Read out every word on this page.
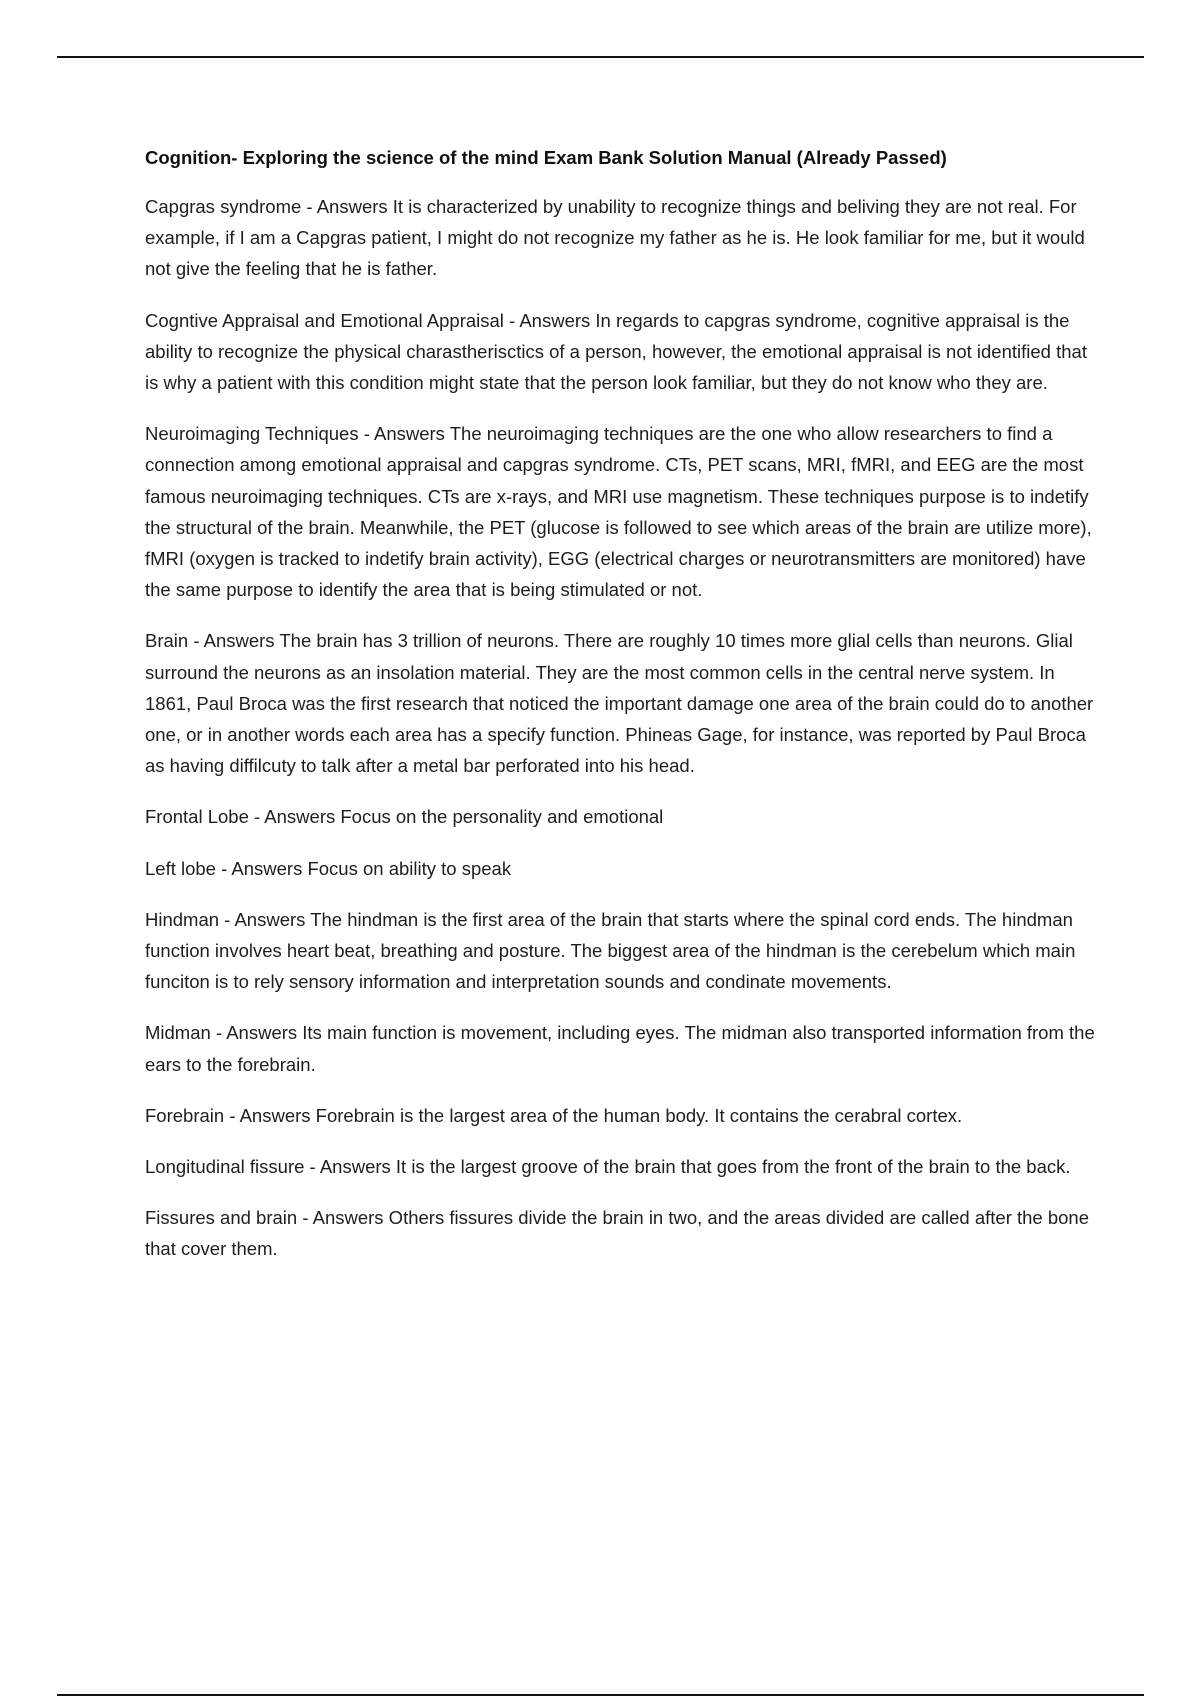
Cognition- Exploring the science of the mind Exam Bank Solution Manual (Already Passed)

Capgras syndrome - Answers It is characterized by unability to recognize things and beliving they are not real. For example, if I am a Capgras patient, I might do not recognize my father as he is. He look familiar for me, but it would not give the feeling that he is father.

Cogntive Appraisal and Emotional Appraisal - Answers In regards to capgras syndrome, cognitive appraisal is the ability to recognize the physical charastherisctics of a person, however, the emotional appraisal is not identified that is why a patient with this condition might state that the person look familiar, but they do not know who they are.

Neuroimaging Techniques - Answers The neuroimaging techniques are the one who allow researchers to find a connection among emotional appraisal and capgras syndrome. CTs, PET scans, MRI, fMRI, and EEG are the most famous neuroimaging techniques. CTs are x-rays, and MRI use magnetism. These techniques purpose is to indetify the structural of the brain. Meanwhile, the PET (glucose is followed to see which areas of the brain are utilize more), fMRI (oxygen is tracked to indetify brain activity), EGG (electrical charges or neurotransmitters are monitored) have the same purpose to identify the area that is being stimulated or not.

Brain - Answers The brain has 3 trillion of neurons. There are roughly 10 times more glial cells than neurons. Glial surround the neurons as an insolation material. They are the most common cells in the central nerve system. In 1861, Paul Broca was the first research that noticed the important damage one area of the brain could do to another one, or in another words each area has a specify function. Phineas Gage, for instance, was reported by Paul Broca as having diffilcuty to talk after a metal bar perforated into his head.

Frontal Lobe - Answers Focus on the personality and emotional

Left lobe - Answers Focus on ability to speak

Hindman - Answers The hindman is the first area of the brain that starts where the spinal cord ends. The hindman function involves heart beat, breathing and posture. The biggest area of the hindman is the cerebelum which main funciton is to rely sensory information and interpretation sounds and condinate movements.

Midman - Answers Its main function is movement, including eyes. The midman also transported information from the ears to the forebrain.

Forebrain - Answers Forebrain is the largest area of the human body. It contains the cerabral cortex.

Longitudinal fissure - Answers It is the largest groove of the brain that goes from the front of the brain to the back.

Fissures and brain - Answers Others fissures divide the brain in two, and the areas divided are called after the bone that cover them.
